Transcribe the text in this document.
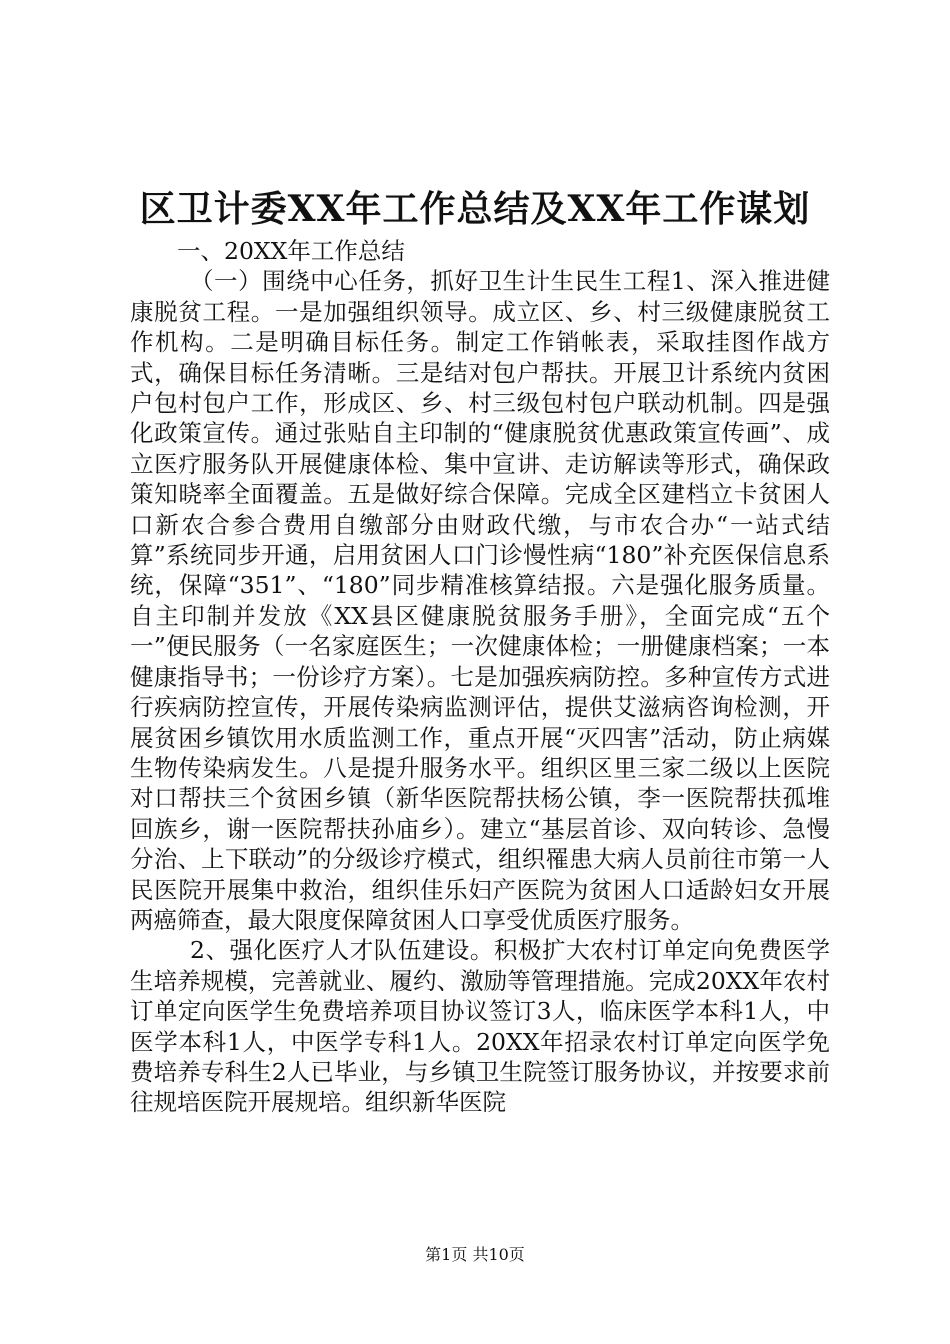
区卫计委XX年工作总结及XX年工作谋划

一、20XX年工作总结

（一）围绕中心任务，抓好卫生计生民生工程1、深入推进健康脱贫工程。一是加强组织领导。成立区、乡、村三级健康脱贫工作机构。二是明确目标任务。制定工作销帐表，采取挂图作战方式，确保目标任务清晰。三是结对包户帮扶。开展卫计系统内贫困户包村包户工作，形成区、乡、村三级包村包户联动机制。四是强化政策宣传。通过张贴自主印制的“健康脱贫优惠政策宣传画”、成立医疗服务队开展健康体检、集中宣讲、走访解读等形式，确保政策知晓率全面覆盖。五是做好综合保障。完成全区建档立卡贫困人口新农合参合费用自缴部分由财政代缴，与市农合办“一站式结算”系统同步开通，启用贫困人口门诊慢性病“180”补充医保信息系统，保障“351”、“180”同步精准核算结报。六是强化服务质量。自主印制并发放《XX县区健康脱贫服务手册》，全面完成“五个一”便民服务（一名家庭医生；一次健康体检；一册健康档案；一本健康指导书；一份诊疗方案）。七是加强疾病防控。多种宣传方式进行疾病防控宣传，开展传染病监测评估，提供艾滋病咨询检测，开展贫困乡镇饮用水质监测工作，重点开展“灭四害”活动，防止病媒生物传染病发生。八是提升服务水平。组织区里三家二级以上医院对口帮扶三个贫困乡镇（新华医院帮扶杨公镇，李一医院帮扶孤堆回族乡，谢一医院帮扶孙庙乡）。建立“基层首诊、双向转诊、急慢分治、上下联动”的分级诊疗模式，组织罹患大病人员前往市第一人民医院开展集中救治，组织佳乐妇产医院为贫困人口适龄妇女开展两癌筛查，最大限度保障贫困人口享受优质医疗服务。

2、强化医疗人才队伍建设。积极扩大农村订单定向免费医学生培养规模，完善就业、履约、激励等管理措施。完成20XX年农村订单定向医学生免费培养项目协议签订3人，临床医学本科1人，中医学本科1人，中医学专科1人。20XX年招录农村订单定向医学免费培养专科生2人已毕业，与乡镇卫生院签订服务协议，并按要求前往规培医院开展规培。组织新华医院

第1页 共10页
